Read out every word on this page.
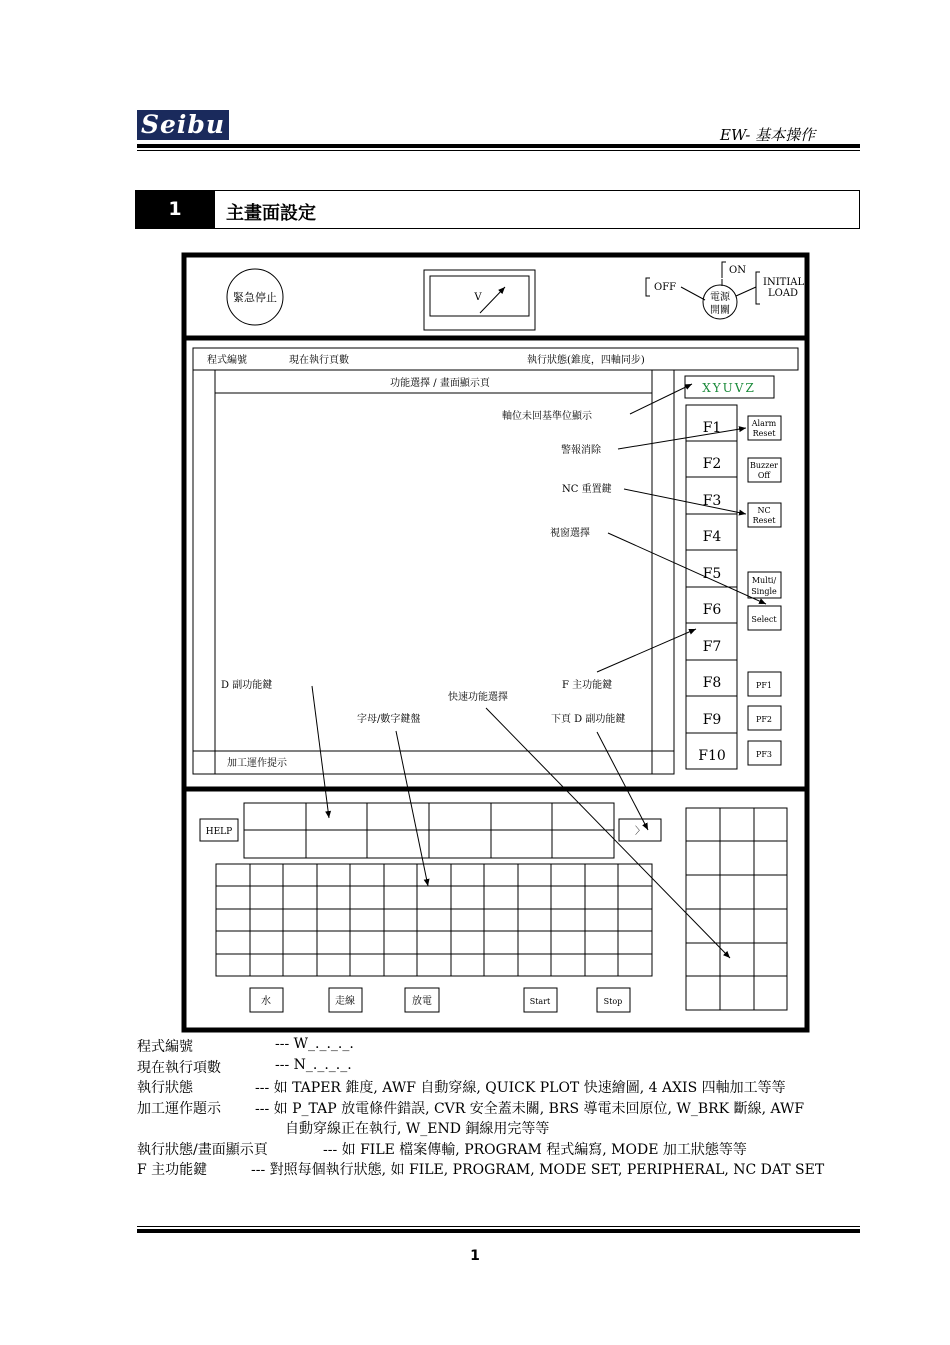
Seibu	EW- 基本操作
1	主畫面設定
緊急停止	V
OFF
ON
INITIAL
LOAD
電源
開關
程式編號	現在執行頁數	執行狀態(錐度，四軸同步)
功能選擇 / 畫面顯示頁
加工運作提示
XYUVZ
F1
F2
F3
F4
F5
F6
F7
F8
F9
F10
Alarm
Reset
Buzzer
Off
NC
Reset
Multi/
Single
Select
PF1
PF2
PF3
軸位未回基準位顯示
警報消除
NC 重置鍵
視窗選擇
D 副功能鍵	F 主功能鍵
快速功能選擇
字母/數字鍵盤	下頁 D 副功能鍵
HELP	〉
水	走線	放電	Start	Stop
程式編號	--- W_._._._.
現在執行項數	--- N_._._._.
執行狀態	--- 如 TAPER 錐度, AWF 自動穿線, QUICK PLOT 快速繪圖, 4 AXIS 四軸加工等等
加工運作題示 --- 如 P_TAP 放電條件錯誤, CVR 安全蓋未關, BRS 導電未回原位, W_BRK 斷線, AWF
自動穿線正在執行, W_END 銅線用完等等
執行狀態/畫面顯示頁	--- 如 FILE 檔案傳輸, PROGRAM 程式編寫, MODE 加工狀態等等
F 主功能鍵	--- 對照每個執行狀態, 如 FILE, PROGRAM, MODE SET, PERIPHERAL, NC DAT SET
1
